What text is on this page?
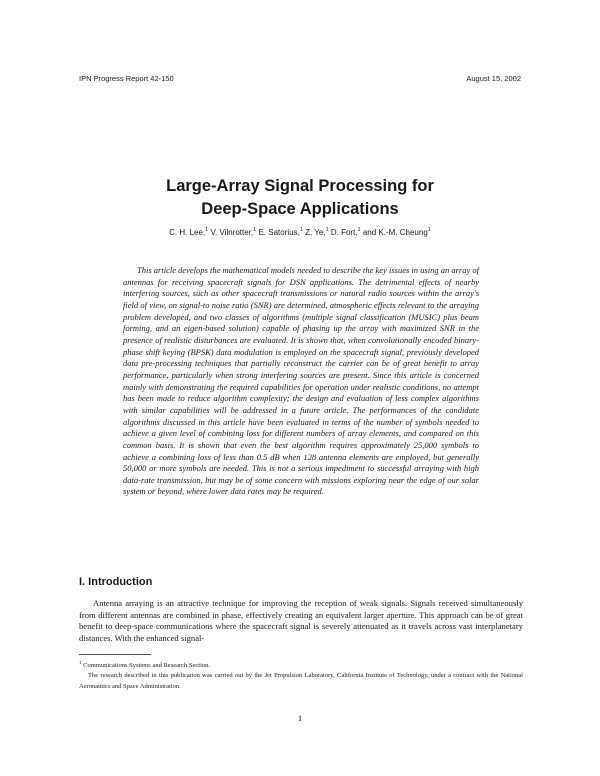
IPN Progress Report 42-150	August 15, 2002
Large-Array Signal Processing for
Deep-Space Applications
C. H. Lee,$^1$ V. Vilnrotter,$^1$ E. Satorius,$^1$ Z. Ye,$^1$ D. Fort,$^1$ and K.-M. Cheung$^1$

This article develops the mathematical models needed to describe the key issues in using an array of antennas for receiving spacecraft signals for DSN applications. The detrimental effects of nearby interfering sources, such as other spacecraft transmissions or natural radio sources within the array's field of view, on signal-to noise ratio (SNR) are determined, atmospheric effects relevant to the arraying problem developed, and two classes of algorithms (multiple signal classification (MUSIC) plus beam forming, and an eigen-based solution) capable of phasing up the array with maximized SNR in the presence of realistic disturbances are evaluated. It is shown that, when convolutionally encoded binary-phase shift keying (BPSK) data modulation is employed on the spacecraft signal, previously developed data pre-processing techniques that partially reconstruct the carrier can be of great benefit to array performance, particularly when strong interfering sources are present. Since this article is concerned mainly with demonstrating the required capabilities for operation under realistic conditions, no attempt has been made to reduce algorithm complexity; the design and evaluation of less complex algorithms with similar capabilities will be addressed in a future article. The performances of the candidate algorithms discussed in this article have been evaluated in terms of the number of symbols needed to achieve a given level of combining loss for different numbers of array elements, and compared on this common basis. It is shown that even the best algorithm requires approximately 25,000 symbols to achieve a combining loss of less than 0.5 dB when 128 antenna elements are employed, but generally 50,000 or more symbols are needed. This is not a serious impediment to successful arraying with high data-rate transmission, but may be of some concern with missions exploring near the edge of our solar system or beyond, where lower data rates may be required.

I. Introduction

Antenna arraying is an attractive technique for improving the reception of weak signals. Signals received simultaneously from different antennas are combined in phase, effectively creating an equivalent larger aperture. This approach can be of great benefit to deep-space communications where the spacecraft signal is severely attenuated as it travels across vast interplanetary distances. With the enhanced signal-

$^1$ Communications Systems and Research Section.

The research described in this publication was carried out by the Jet Propulsion Laboratory, California Institute of Technology, under a contract with the National Aeronautics and Space Administration.

1
